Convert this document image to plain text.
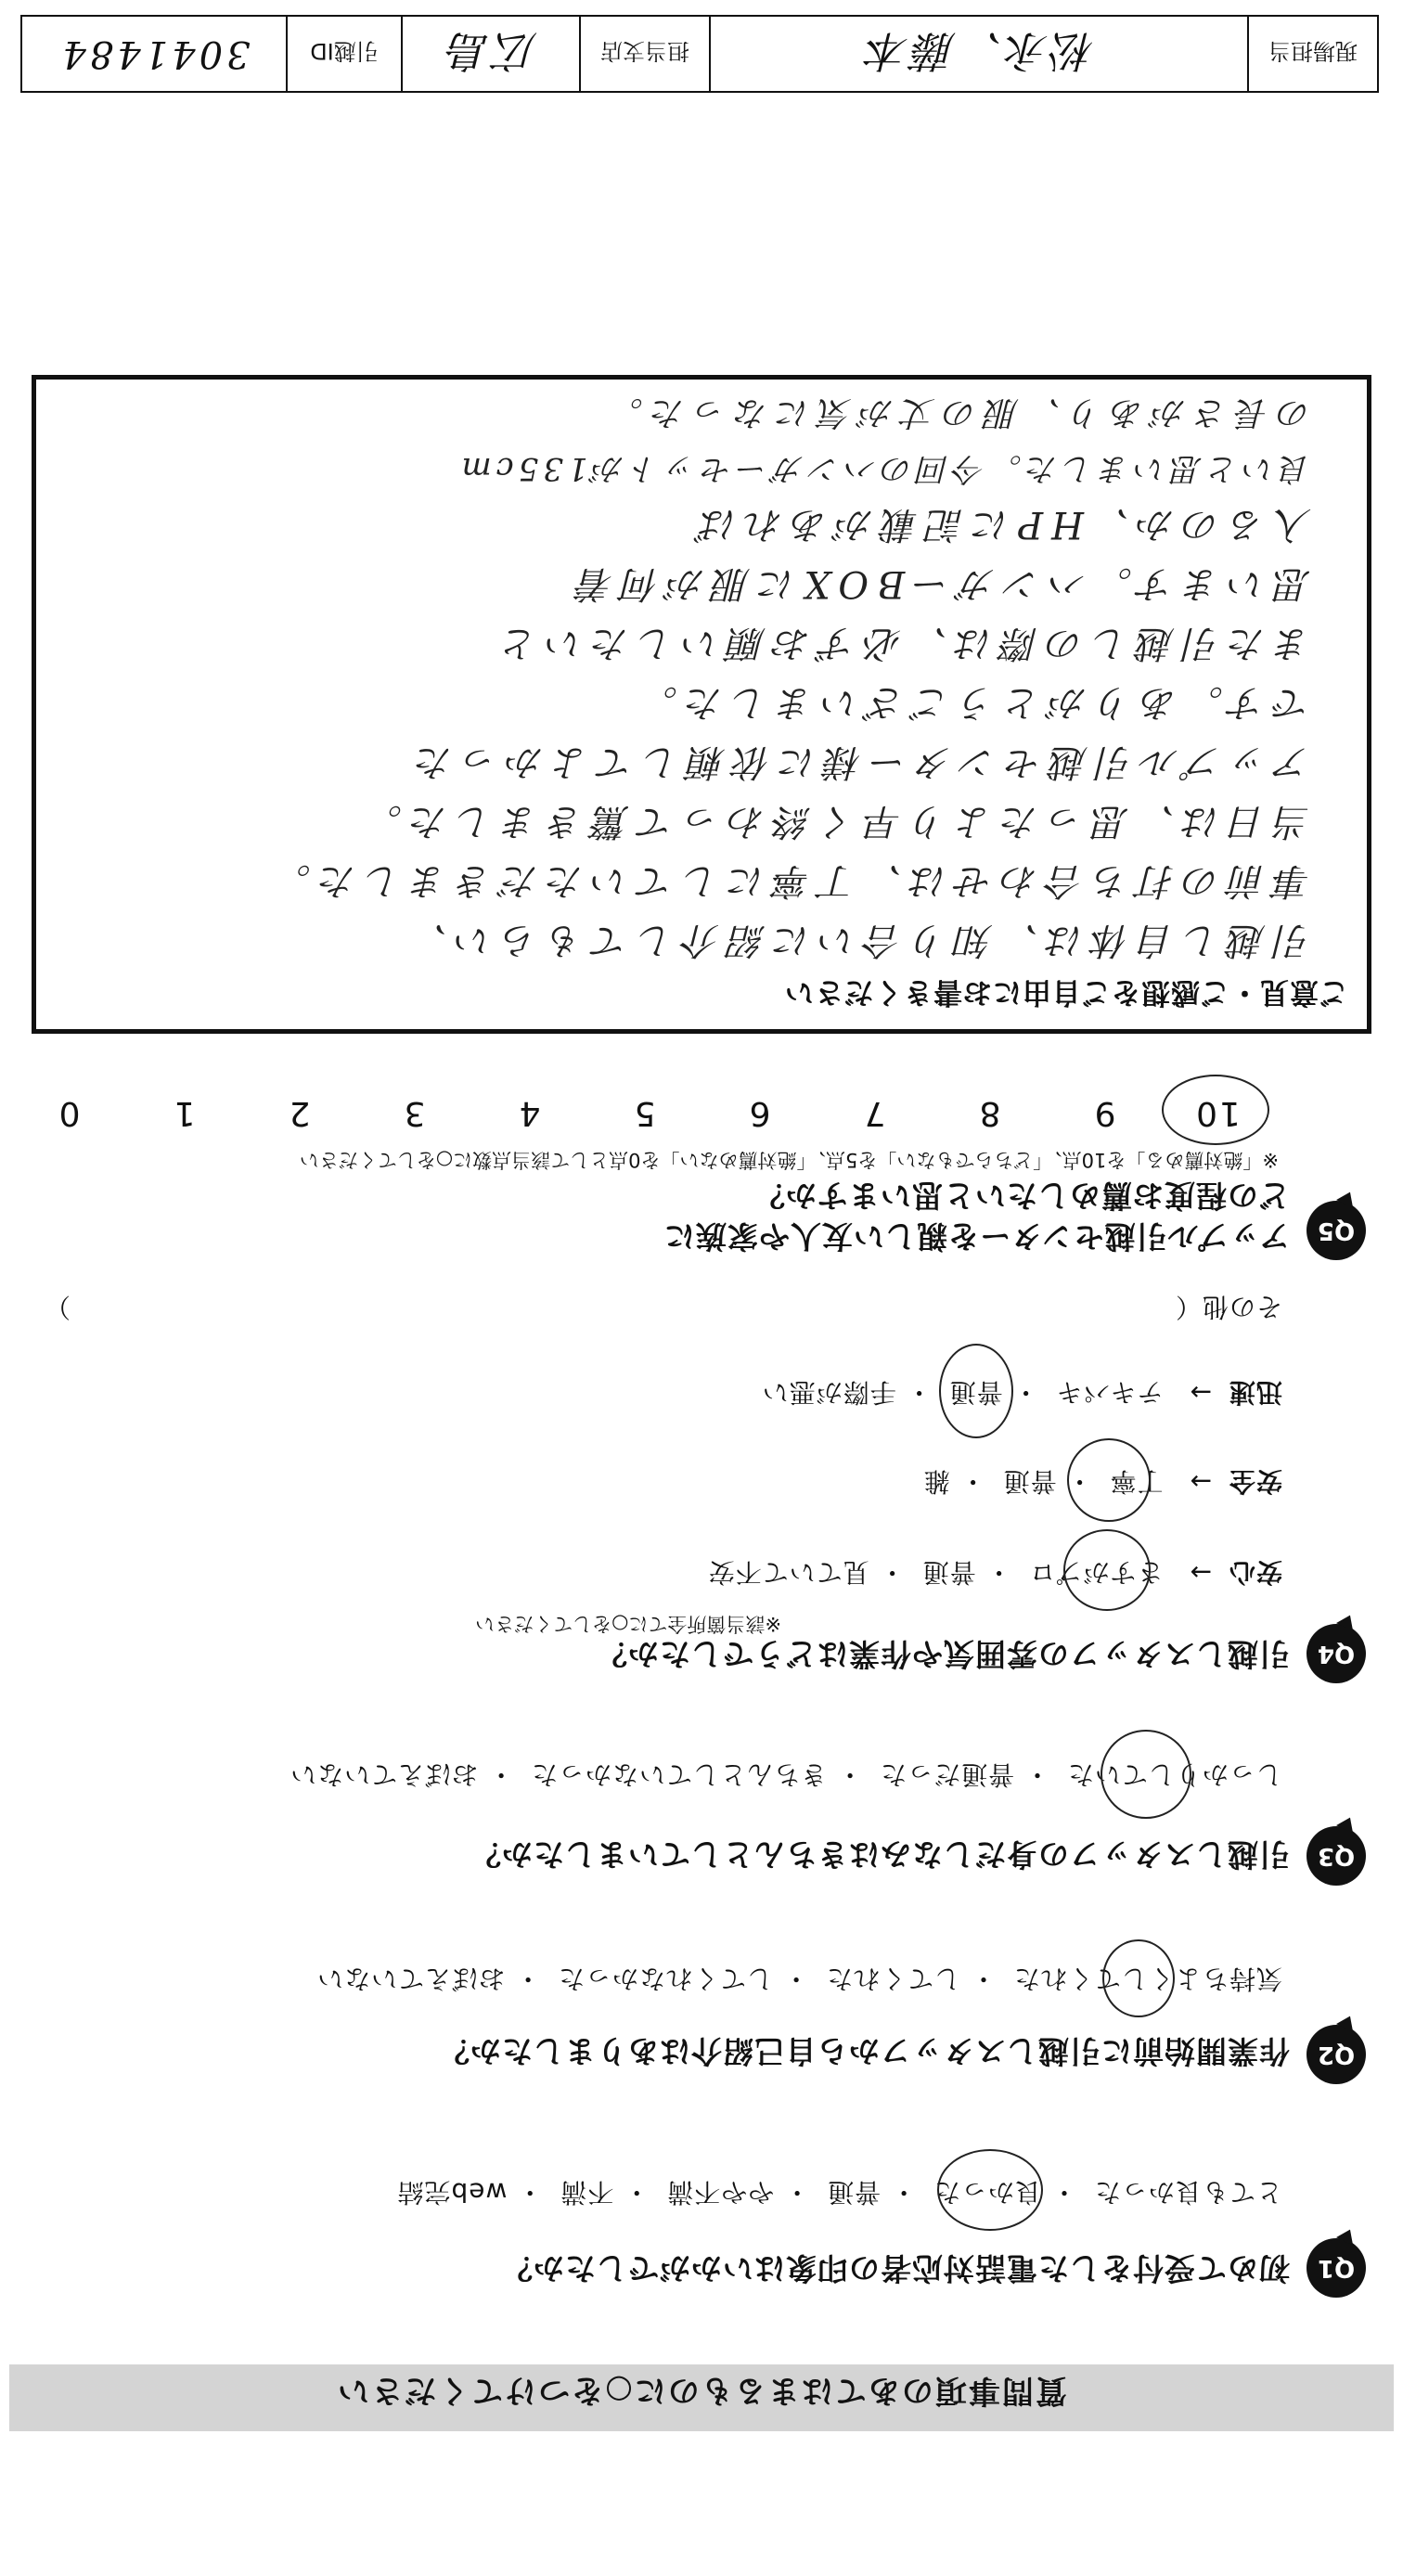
質問事項のあてはまるものに○をつけてください
Q1
初めて受付をした電話対応者の印象はいかがでしたか？
とても良かった・ 良かった・ 普通・ やや不満・ 不満・ web完結
Q2
作業開始前に引越しスタッフから自己紹介はありましたか？
気持ちよくしてくれた・ してくれた・ してくれなかった・ おぼえていない
Q3
引越しスタッフの身だしなみはきちんとしていましたか？
しっかりしていた・ 普通だった・ きちんとしていなかった・ おぼえていない
Q4
引越しスタッフの雰囲気や作業はどうでしたか？
※該当箇所全てに○をしてください
安心→ さすがプロ・ 普通・ 見ていて不安
安全→ 丁寧・ 普通・ 雑
迅速→ テキパキ・ 普通・ 手際が悪い
その他（
）
Q5
アップル引越センターを親しい友人や家族に
どの程度お薦めしたいと思いますか？
※「絶対薦める」を10点、「どちらでもない」を5点、「絶対薦めない」を0点として該当点数に○をしてください
10
9
8
7
6
5
4
3
2
1
0
ご意見・ご感想をご自由にお書きください
引越し自体は、知り合いに紹介してもらい、
事前の打ち合わせは、丁寧にしていただきました。
当日は、思ったより早く終わって驚きました。
アップル引越センター様に依頼してよかった
です。ありがとうございました。
また引越しの際は、必ずお願いしたいと
思います。ハンガーBOXに服が何着
入るのか、HPに記載があれば
良いと思いました。今回のハンガーセットが135cm
の長さがあり、服の丈が気になった。
現場担当
松永、藤本
担当支店
広島
引越ID
3041484
